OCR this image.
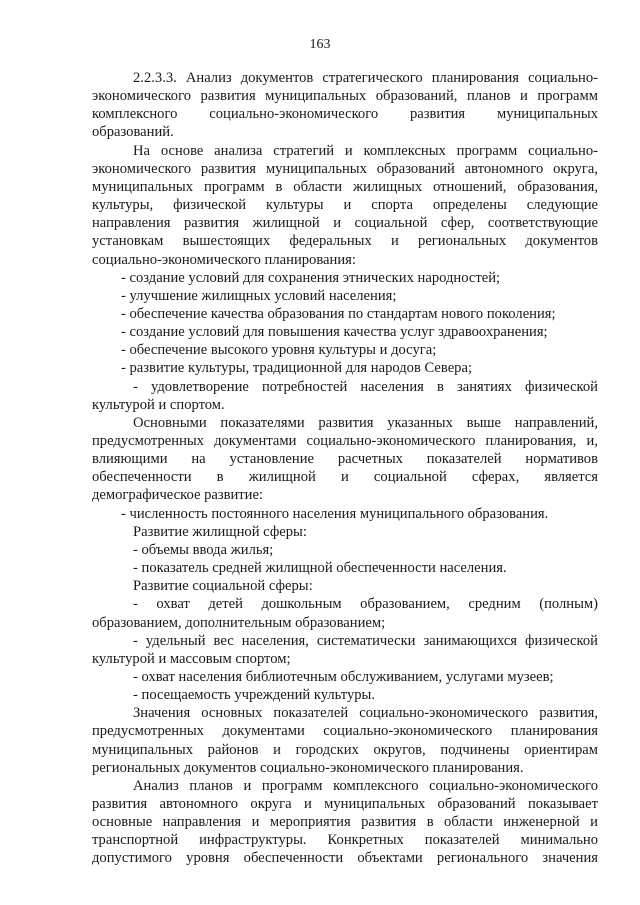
163
2.2.3.3. Анализ документов стратегического планирования социально-
экономического развития муниципальных образований, планов и программ
комплексного социально-экономического развития муниципальных
образований.
На основе анализа стратегий и комплексных программ социально-
экономического развития муниципальных образований автономного округа,
муниципальных программ в области жилищных отношений, образования,
культуры, физической культуры и спорта определены следующие
направления развития жилищной и социальной сфер, соответствующие
установкам вышестоящих федеральных и региональных документов
социально-экономического планирования:
- создание условий для сохранения этнических народностей;
- улучшение жилищных условий населения;
- обеспечение качества образования по стандартам нового поколения;
- создание условий для повышения качества услуг здравоохранения;
- обеспечение высокого уровня культуры и досуга;
- развитие культуры, традиционной для народов Севера;
- удовлетворение потребностей населения в занятиях физической
культурой и спортом.
Основными показателями развития указанных выше направлений,
предусмотренных документами социально-экономического планирования, и,
влияющими на установление расчетных показателей нормативов
обеспеченности в жилищной и социальной сферах, является
демографическое развитие:
- численность постоянного населения муниципального образования.
Развитие жилищной сферы:
- объемы ввода жилья;
- показатель средней жилищной обеспеченности населения.
Развитие социальной сферы:
- охват детей дошкольным образованием, средним (полным)
образованием, дополнительным образованием;
- удельный вес населения, систематически занимающихся физической
культурой и массовым спортом;
- охват населения библиотечным обслуживанием, услугами музеев;
- посещаемость учреждений культуры.
Значения основных показателей социально-экономического развития,
предусмотренных документами социально-экономического планирования
муниципальных районов и городских округов, подчинены ориентирам
региональных документов социально-экономического планирования.
Анализ планов и программ комплексного социально-экономического
развития автономного округа и муниципальных образований показывает
основные направления и мероприятия развития в области инженерной и
транспортной инфраструктуры. Конкретных показателей минимально
допустимого уровня обеспеченности объектами регионального значения
